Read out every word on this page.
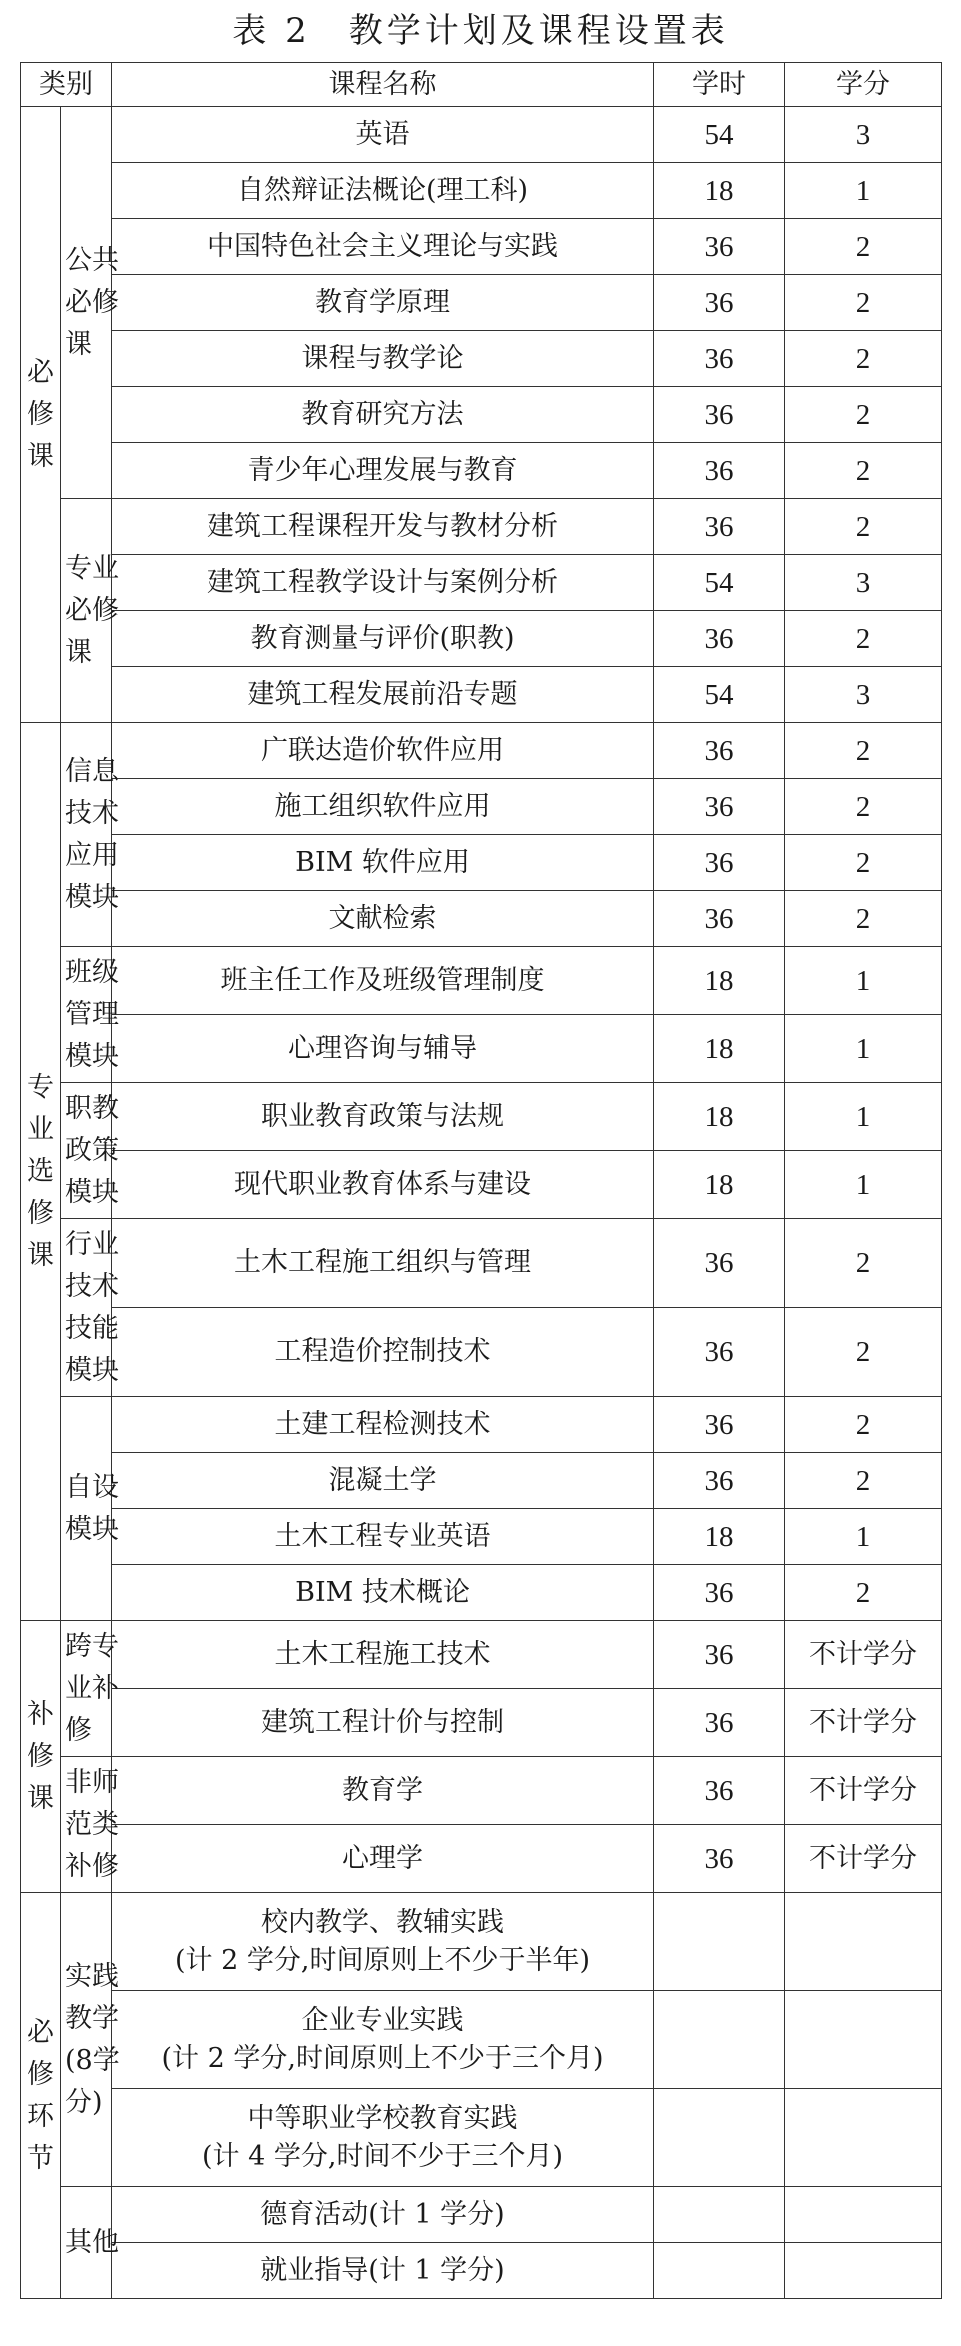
表 2　教学计划及课程设置表
类别		课程名称	学时	学分
必修课	公共必修课	英语	54	3
		自然辩证法概论(理工科)	18	1
		中国特色社会主义理论与实践	36	2
		教育学原理	36	2
		课程与教学论	36	2
		教育研究方法	36	2
		青少年心理发展与教育	36	2
	专业必修课	建筑工程课程开发与教材分析	36	2
		建筑工程教学设计与案例分析	54	3
		教育测量与评价(职教)	36	2
		建筑工程发展前沿专题	54	3
专业选修课	信息技术应用模块	广联达造价软件应用	36	2
		施工组织软件应用	36	2
		BIM 软件应用	36	2
		文献检索	36	2
	班级管理模块	班主任工作及班级管理制度	18	1
		心理咨询与辅导	18	1
	职教政策模块	职业教育政策与法规	18	1
		现代职业教育体系与建设	18	1
	行业技术技能模块	土木工程施工组织与管理	36	2
		工程造价控制技术	36	2
	自设模块	土建工程检测技术	36	2
		混凝土学	36	2
		土木工程专业英语	18	1
		BIM 技术概论	36	2
补修课	跨专业补修	土木工程施工技术	36	不计学分
		建筑工程计价与控制	36	不计学分
	非师范类补修	教育学	36	不计学分
		心理学	36	不计学分
必修环节	实践教学(8学分)	校内教学、教辅实践
(计 2 学分,时间原则上不少于半年)		

		企业专业实践
(计 2 学分,时间原则上不少于三个月)		

		中等职业学校教育实践
(计 4 学分,时间不少于三个月)		

	其他	德育活动(计 1 学分)		
		就业指导(计 1 学分)		
